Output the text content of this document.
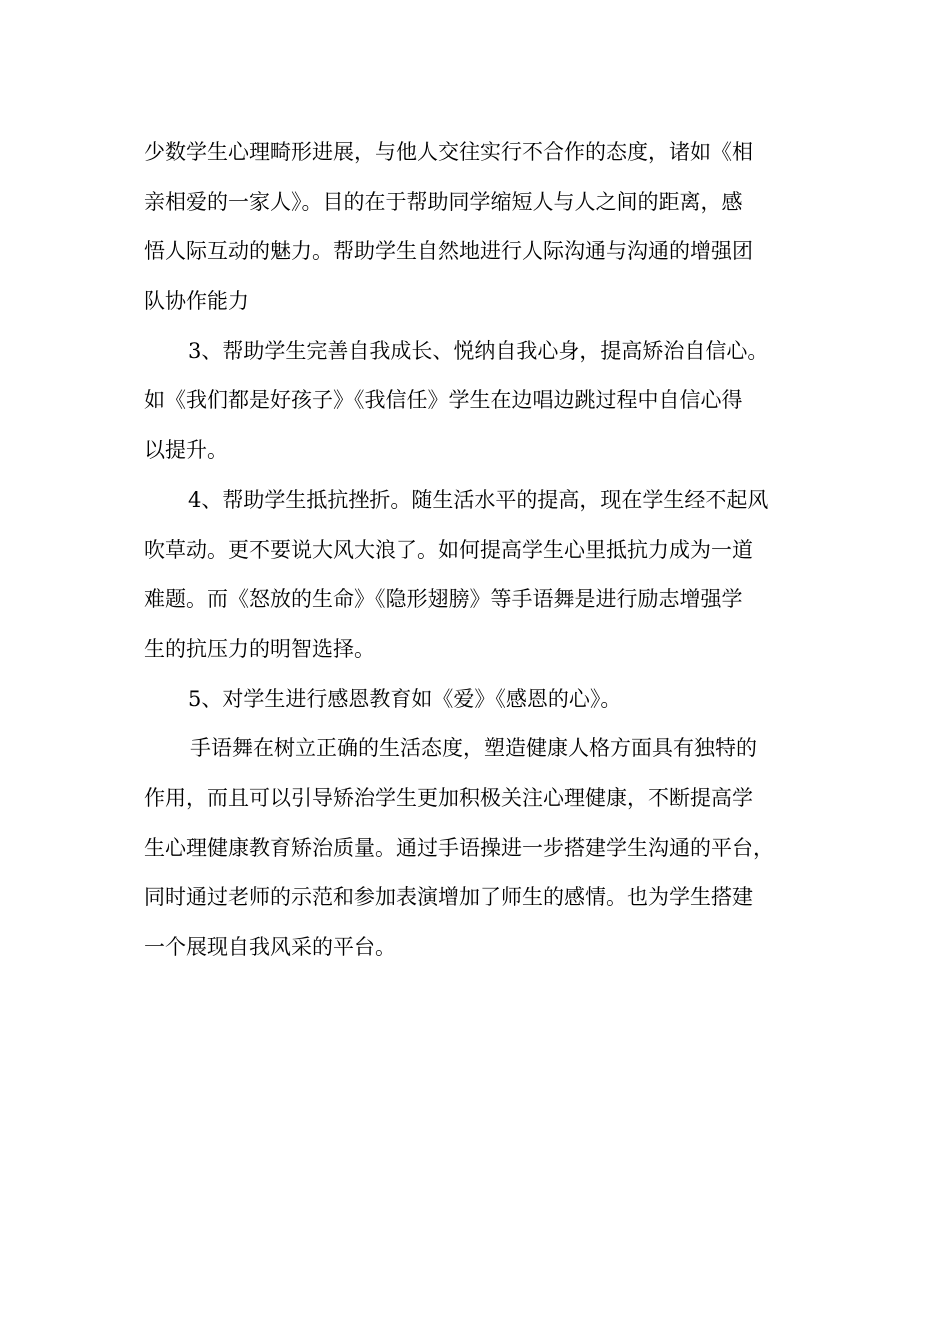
少数学生心理畸形进展，与他人交往实行不合作的态度，诸如《相
亲相爱的一家人》。目的在于帮助同学缩短人与人之间的距离，感
悟人际互动的魅力。帮助学生自然地进行人际沟通与沟通的增强团
队协作能力
3、帮助学生完善自我成长、悦纳自我心身，提高矫治自信心。
如《我们都是好孩子》《我信任》学生在边唱边跳过程中自信心得
以提升。
4、帮助学生抵抗挫折。随生活水平的提高，现在学生经不起风
吹草动。更不要说大风大浪了。如何提高学生心里抵抗力成为一道
难题。而《怒放的生命》《隐形翅膀》等手语舞是进行励志增强学
生的抗压力的明智选择。
5、对学生进行感恩教育如《爱》《感恩的心》。
手语舞在树立正确的生活态度，塑造健康人格方面具有独特的
作用，而且可以引导矫治学生更加积极关注心理健康，不断提高学
生心理健康教育矫治质量。通过手语操进一步搭建学生沟通的平台，
同时通过老师的示范和参加表演增加了师生的感情。也为学生搭建
一个展现自我风采的平台。
